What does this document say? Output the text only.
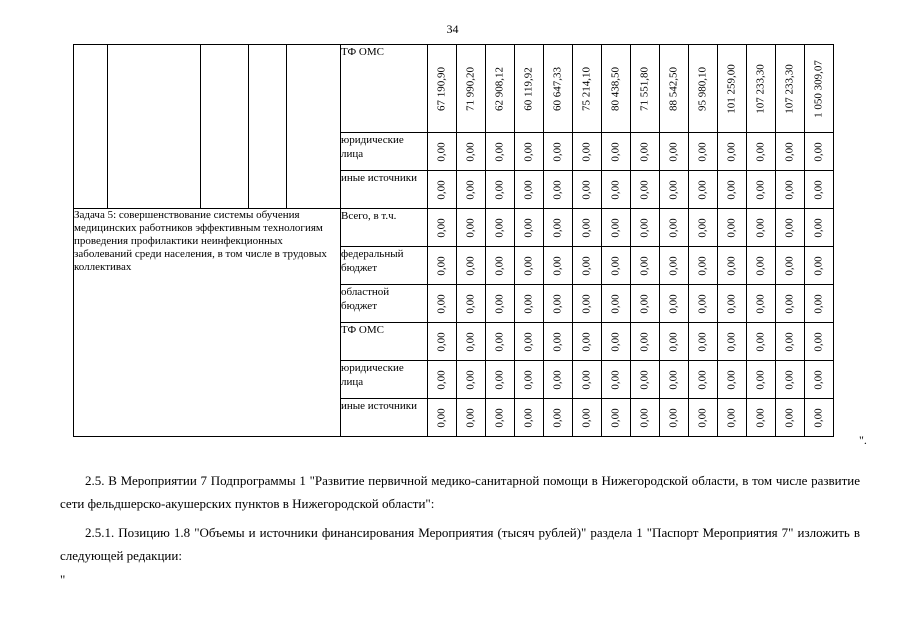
34
					ТФ ОМС	67 190,90	71 990,20	62 908,12	60 119,92	60 647,33	75 214,10	80 438,50	71 551,80	88 542,50	95 980,10	101 259,00	107 233,30	107 233,30	1 050 309,07

					юридические лица	0,00	0,00	0,00	0,00	0,00	0,00	0,00	0,00	0,00	0,00	0,00	0,00	0,00	0,00

					иные источники	0,00	0,00	0,00	0,00	0,00	0,00	0,00	0,00	0,00	0,00	0,00	0,00	0,00	0,00

Задача 5: совершенствование системы обучения медицинских работников эффективным технологиям проведения профилактики неинфекционных заболеваний среди населения, в том числе в трудовых коллективах					Всего, в т.ч.	0,00	0,00	0,00	0,00	0,00	0,00	0,00	0,00	0,00	0,00	0,00	0,00	0,00	0,00

					федеральный бюджет	0,00	0,00	0,00	0,00	0,00	0,00	0,00	0,00	0,00	0,00	0,00	0,00	0,00	0,00

					областной бюджет	0,00	0,00	0,00	0,00	0,00	0,00	0,00	0,00	0,00	0,00	0,00	0,00	0,00	0,00

					ТФ ОМС	0,00	0,00	0,00	0,00	0,00	0,00	0,00	0,00	0,00	0,00	0,00	0,00	0,00	0,00

					юридические лица	0,00	0,00	0,00	0,00	0,00	0,00	0,00	0,00	0,00	0,00	0,00	0,00	0,00	0,00

					иные источники	0,00	0,00	0,00	0,00	0,00	0,00	0,00	0,00	0,00	0,00	0,00	0,00	0,00	0,00
".
2.5. В Мероприятии 7 Подпрограммы 1 "Развитие первичной медико-санитарной помощи в Нижегородской области, в том числе развитие сети фельдшерско-акушерских пунктов в Нижегородской области":
2.5.1. Позицию 1.8 "Объемы и источники финансирования Мероприятия (тысяч рублей)" раздела 1 "Паспорт Мероприятия 7" изложить в следующей редакции:
"
